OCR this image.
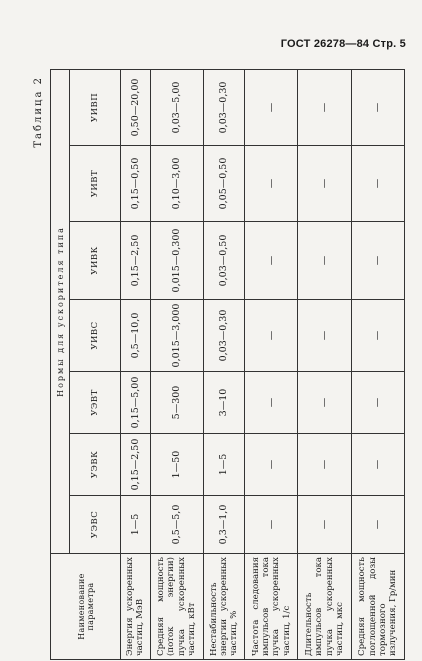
ГОСТ 26278—84 Стр. 5
Таблица 2
Наименование параметра	Нормы для ускорителя типа						
	УЭВС	УЭВК	УЭВТ	УИВС	УИВК	УИВТ	УИВП
Энергия ускоренных частиц, МэВ	1—5	0,15—2,50	0,15—5,00	0,5—10,0	0,15—2,50	0,15—0,50	0,50—20,00
Средняя мощность (поток энергии) пучка ускоренных частиц, кВт	0,5—5,0	1—50	5—300	0,015—3,000	0,015—0,300	0,10—3,00	0,03—5,00
Нестабильность энергии ускоренных частиц, %	0,3—1,0	1—5	3—10	0,03—0,30	0,03—0,50	0,05—0,50	0,03—0,30
Частота следования импульсов тока пучка ускоренных частиц, 1/с	—	—	—	—	—	—	—
Длительность импульсов тока пучка ускоренных частиц, мкс	—	—	—	—	—	—	—
Средняя мощность поглощенной дозы тормозного излучения, Гр/мин	—	—	—	—	—	—	—
